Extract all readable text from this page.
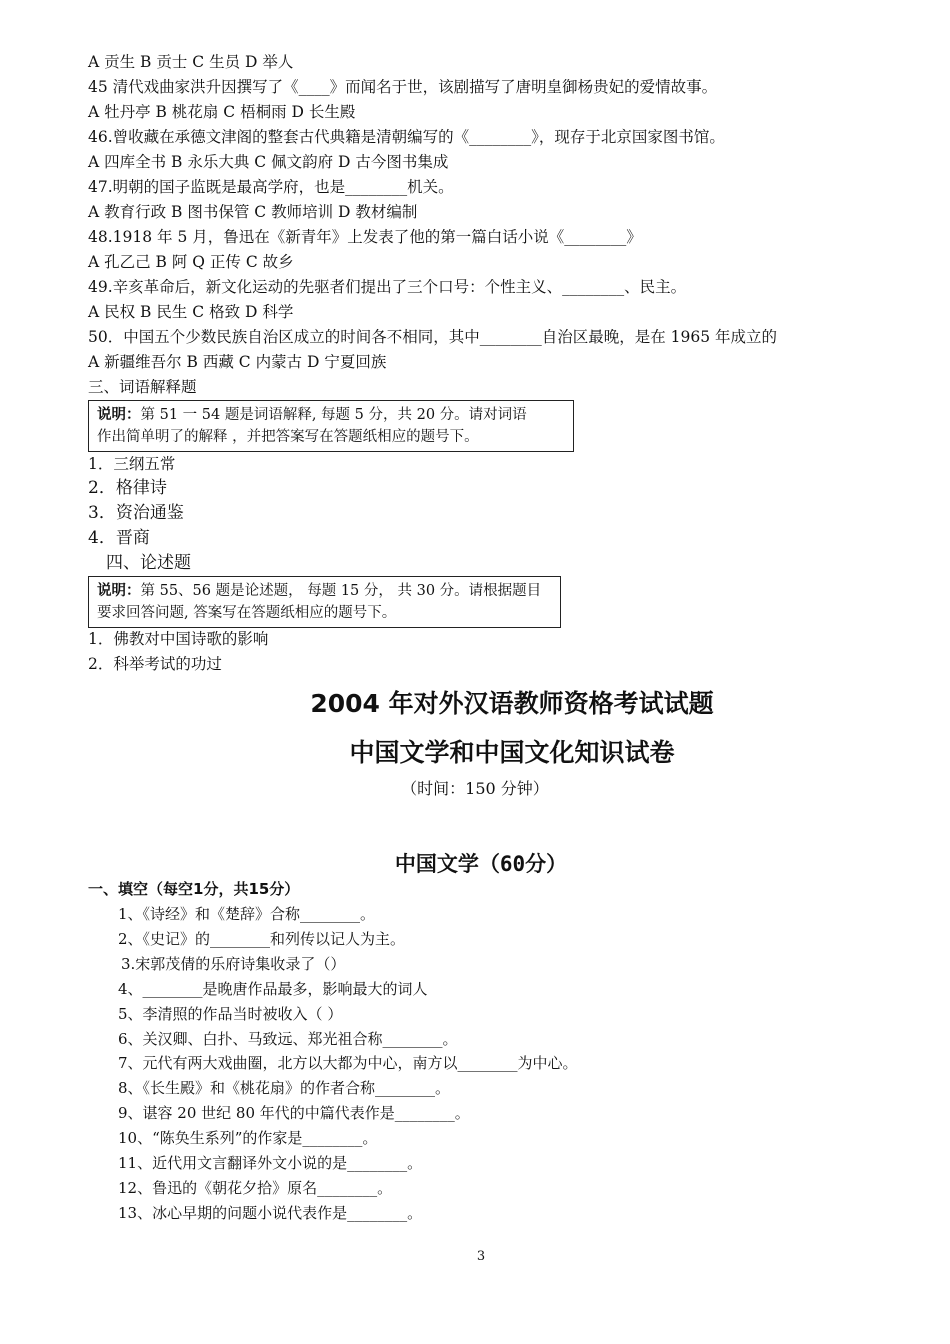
A 贡生 B 贡士 C 生员 D 举人
45 清代戏曲家洪升因撰写了《____》而闻名于世，该剧描写了唐明皇御杨贵妃的爱情故事。
A 牡丹亭 B 桃花扇 C 梧桐雨 D 长生殿
46.曾收藏在承德文津阁的整套古代典籍是清朝编写的《________》，现存于北京国家图书馆。
A 四库全书 B 永乐大典 C 佩文韵府 D 古今图书集成
47.明朝的国子监既是最高学府，也是________机关。
A 教育行政 B 图书保管 C 教师培训 D 教材编制
48.1918 年 5 月，鲁迅在《新青年》上发表了他的第一篇白话小说《________》
A 孔乙己 B 阿 Q 正传 C 故乡
49.辛亥革命后，新文化运动的先驱者们提出了三个口号：个性主义、________、民主。
A 民权 B 民生 C 格致 D 科学
50．中国五个少数民族自治区成立的时间各不相同，其中________自治区最晚，是在 1965 年成立的
A 新疆维吾尔 B 西藏 C 内蒙古 D 宁夏回族
三、词语解释题
说明：第 51 一 54 题是词语解释, 每题 5 分，共 20 分。请对词语
作出简单明了的解释 ，并把答案写在答题纸相应的题号下。
1．三纲五常
2．格律诗
3．资治通鉴
4．晋商
四、论述题
说明：第 55、56 题是论述题， 每题 15 分， 共 30 分。请根据题目
要求回答问题, 答案写在答题纸相应的题号下。
1．佛教对中国诗歌的影响
2．科举考试的功过
2004 年对外汉语教师资格考试试题
中国文学和中国文化知识试卷
（时间：150 分钟）
中国文学（60分）
一、填空（每空1分，共15分）
1、《诗经》和《楚辞》合称________。
2、《史记》的________和列传以记人为主。
3.宋郭茂倩的乐府诗集收录了（）
4、________是晚唐作品最多，影响最大的词人
5、李清照的作品当时被收入（ ）
6、关汉卿、白扑、马致远、郑光祖合称________。
7、元代有两大戏曲圈，北方以大都为中心，南方以________为中心。
8、《长生殿》和《桃花扇》的作者合称________。
9、谌容 20 世纪 80 年代的中篇代表作是________。
10、“陈奂生系列”的作家是________。
11、近代用文言翻译外文小说的是________。
12、鲁迅的《朝花夕拾》原名________。
13、冰心早期的问题小说代表作是________。
3
